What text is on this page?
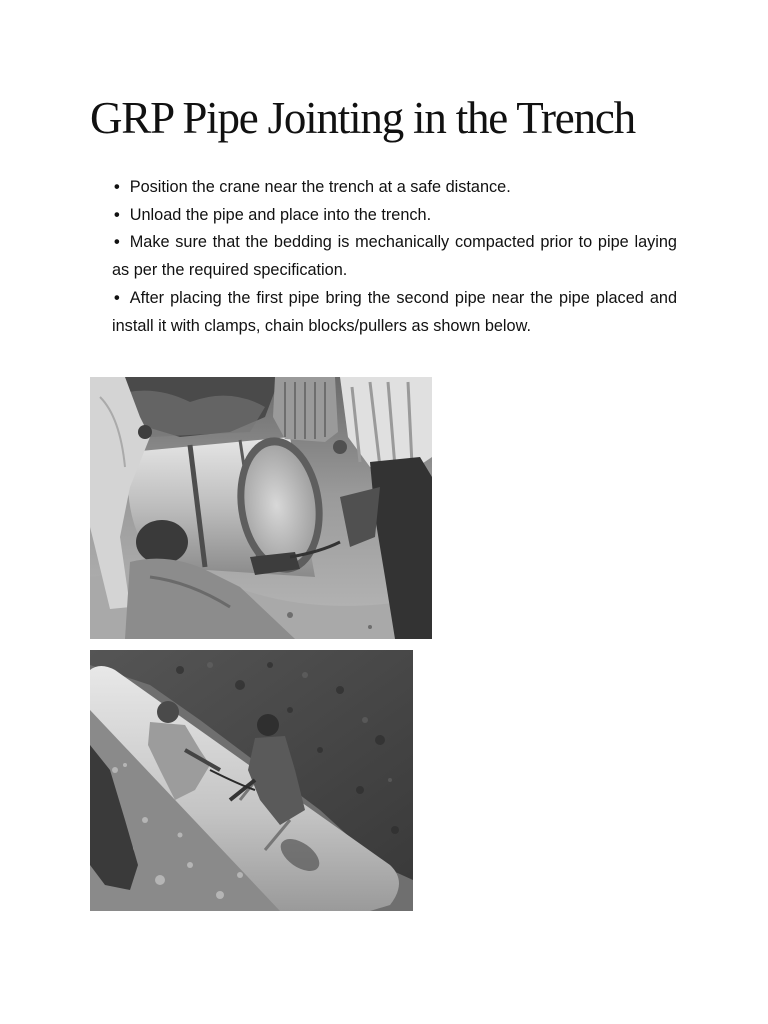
GRP Pipe Jointing in the Trench

• Position the crane near the trench at a safe distance.

• Unload the pipe and place into the trench.

• Make sure that the bedding is mechanically compacted prior to pipe laying as per the required specification.

• After placing the first pipe bring the second pipe near the pipe placed and install it with clamps, chain blocks/pullers as shown below.
